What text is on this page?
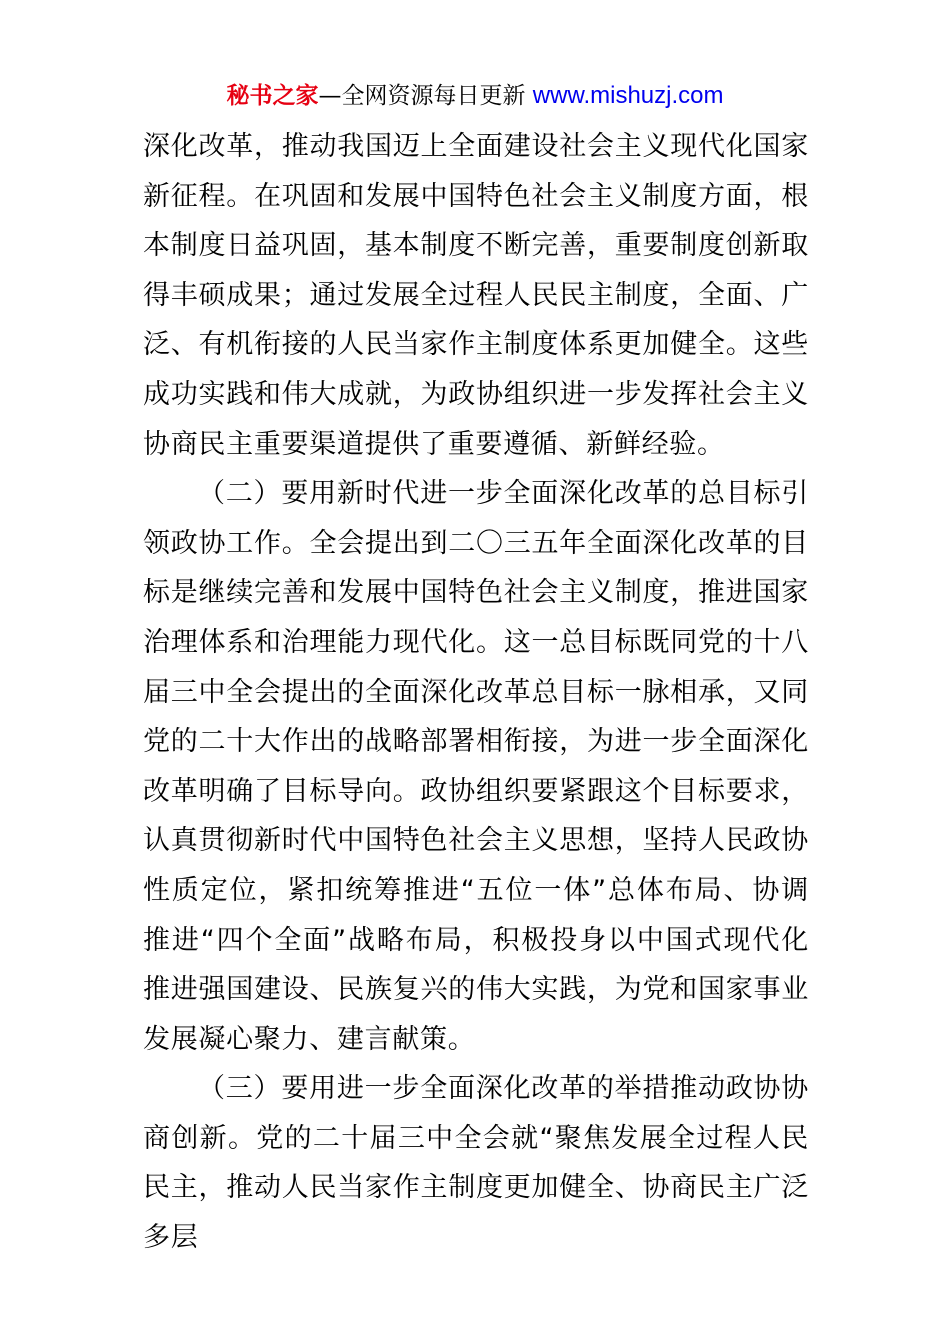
秘书之家—全网资源每日更新 www.mishuzj.com

深化改革，推动我国迈上全面建设社会主义现代化国家新征程。在巩固和发展中国特色社会主义制度方面，根本制度日益巩固，基本制度不断完善，重要制度创新取得丰硕成果；通过发展全过程人民民主制度，全面、广泛、有机衔接的人民当家作主制度体系更加健全。这些成功实践和伟大成就，为政协组织进一步发挥社会主义协商民主重要渠道提供了重要遵循、新鲜经验。

（二）要用新时代进一步全面深化改革的总目标引领政协工作。全会提出到二〇三五年全面深化改革的目标是继续完善和发展中国特色社会主义制度，推进国家治理体系和治理能力现代化。这一总目标既同党的十八届三中全会提出的全面深化改革总目标一脉相承，又同党的二十大作出的战略部署相衔接，为进一步全面深化改革明确了目标导向。政协组织要紧跟这个目标要求，认真贯彻新时代中国特色社会主义思想，坚持人民政协性质定位，紧扣统筹推进“五位一体”总体布局、协调推进“四个全面”战略布局，积极投身以中国式现代化推进强国建设、民族复兴的伟大实践，为党和国家事业发展凝心聚力、建言献策。

（三）要用进一步全面深化改革的举措推动政协协商创新。党的二十届三中全会就“聚焦发展全过程人民民主，推动人民当家作主制度更加健全、协商民主广泛多层
